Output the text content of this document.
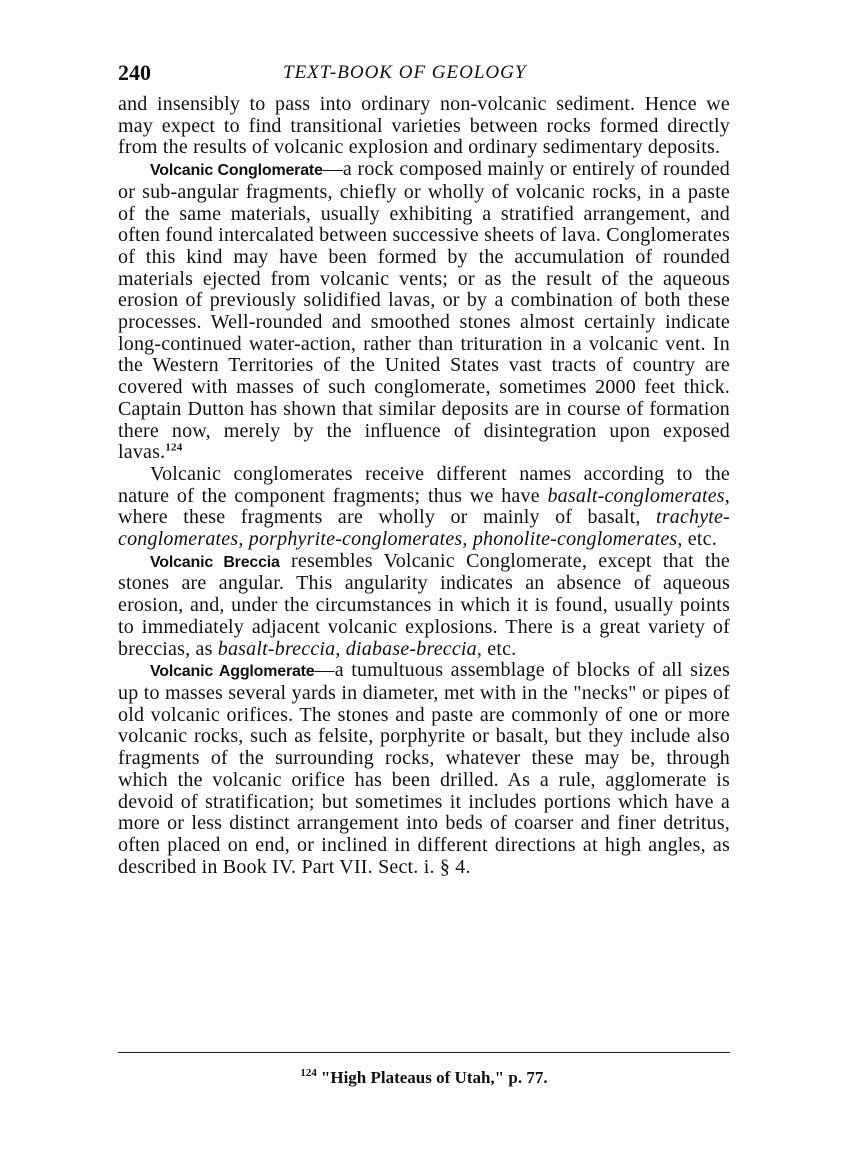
240	TEXT-BOOK OF GEOLOGY

and insensibly to pass into ordinary non-volcanic sediment. Hence we may expect to find transitional varieties between rocks formed directly from the results of volcanic explosion and ordinary sedimentary deposits.

Volcanic Conglomerate—a rock composed mainly or entirely of rounded or sub-angular fragments, chiefly or wholly of volcanic rocks, in a paste of the same materials, usually exhibiting a stratified arrangement, and often found intercalated between successive sheets of lava. Conglomerates of this kind may have been formed by the accumulation of rounded materials ejected from volcanic vents; or as the result of the aqueous erosion of previously solidified lavas, or by a combination of both these processes. Well-rounded and smoothed stones almost certainly indicate long-continued water-action, rather than trituration in a volcanic vent. In the Western Territories of the United States vast tracts of country are covered with masses of such conglomerate, sometimes 2000 feet thick. Captain Dutton has shown that similar deposits are in course of formation there now, merely by the influence of disintegration upon exposed lavas.$^{124}$

Volcanic conglomerates receive different names according to the nature of the component fragments; thus we have basalt-conglomerates, where these fragments are wholly or mainly of basalt, trachyte-conglomerates, porphyrite-conglomerates, phonolite-conglomerates, etc.

Volcanic Breccia resembles Volcanic Conglomerate, except that the stones are angular. This angularity indicates an absence of aqueous erosion, and, under the circumstances in which it is found, usually points to immediately adjacent volcanic explosions. There is a great variety of breccias, as basalt-breccia, diabase-breccia, etc.

Volcanic Agglomerate—a tumultuous assemblage of blocks of all sizes up to masses several yards in diameter, met with in the "necks" or pipes of old volcanic orifices. The stones and paste are commonly of one or more volcanic rocks, such as felsite, porphyrite or basalt, but they include also fragments of the surrounding rocks, whatever these may be, through which the volcanic orifice has been drilled. As a rule, agglomerate is devoid of stratification; but sometimes it includes portions which have a more or less distinct arrangement into beds of coarser and finer detritus, often placed on end, or inclined in different directions at high angles, as described in Book IV. Part VII. Sect. i. § 4.

$^{124}$ "High Plateaus of Utah," p. 77.
